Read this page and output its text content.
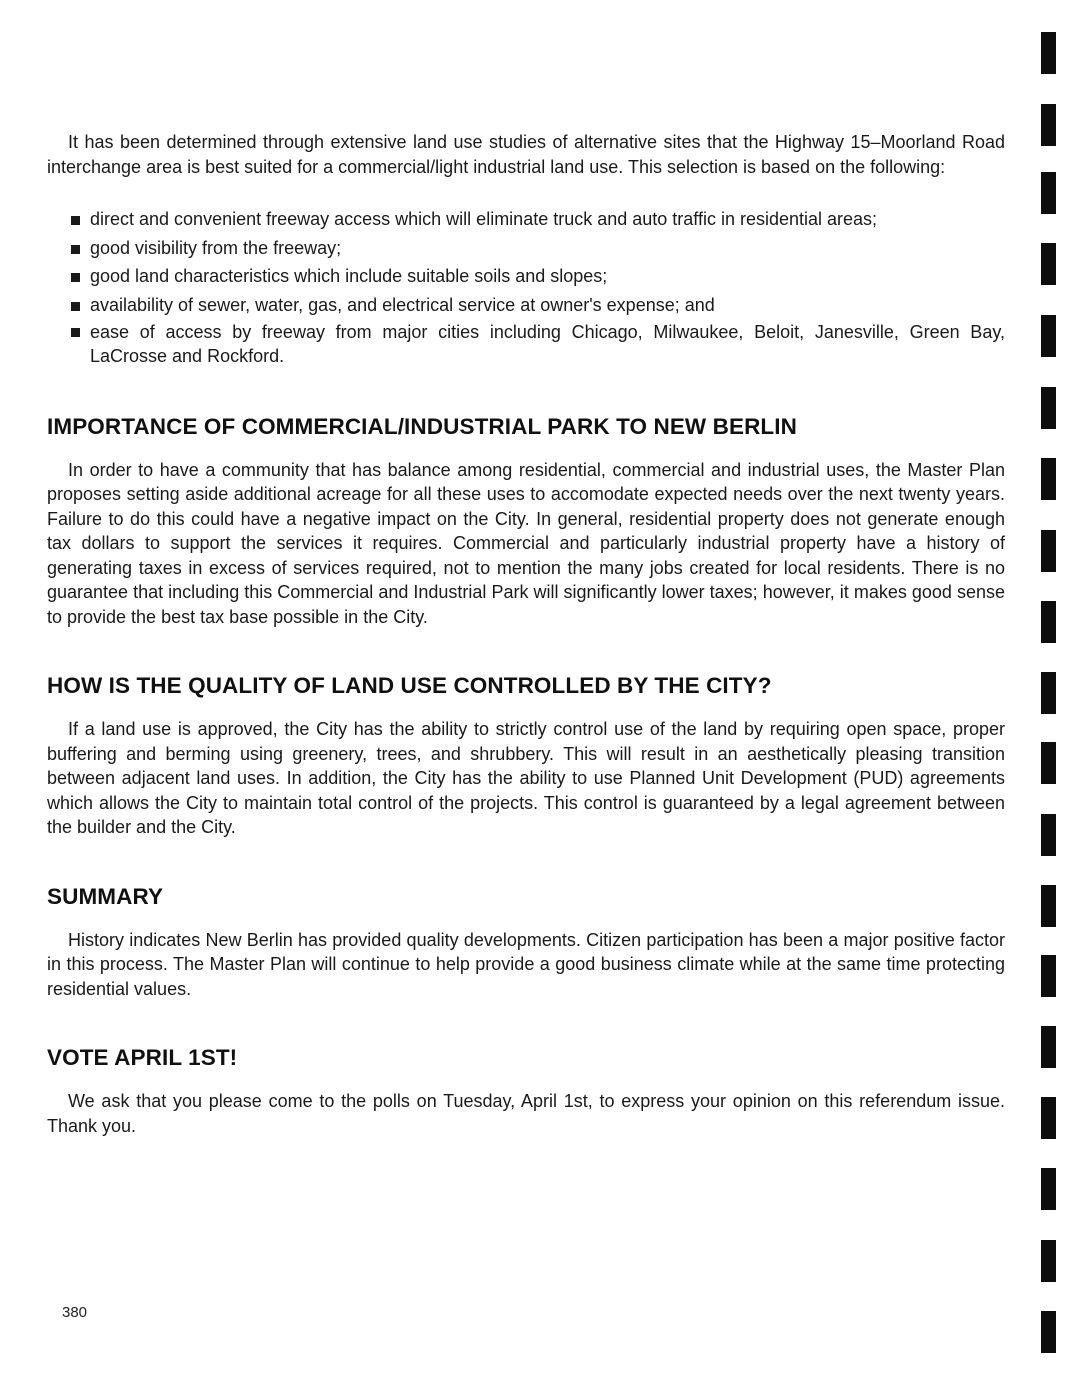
It has been determined through extensive land use studies of alternative sites that the Highway 15–Moorland Road interchange area is best suited for a commercial/light industrial land use. This selection is based on the following:

direct and convenient freeway access which will eliminate truck and auto traffic in residential areas;
good visibility from the freeway;
good land characteristics which include suitable soils and slopes;
availability of sewer, water, gas, and electrical service at owner's expense; and
ease of access by freeway from major cities including Chicago, Milwaukee, Beloit, Janesville, Green Bay, LaCrosse and Rockford.
IMPORTANCE OF COMMERCIAL/INDUSTRIAL PARK TO NEW BERLIN

In order to have a community that has balance among residential, commercial and industrial uses, the Master Plan proposes setting aside additional acreage for all these uses to accomodate expected needs over the next twenty years. Failure to do this could have a negative impact on the City. In general, residential property does not generate enough tax dollars to support the services it requires. Commercial and particularly industrial property have a history of generating taxes in excess of services required, not to mention the many jobs created for local residents. There is no guarantee that including this Commercial and Industrial Park will significantly lower taxes; however, it makes good sense to provide the best tax base possible in the City.

HOW IS THE QUALITY OF LAND USE CONTROLLED BY THE CITY?

If a land use is approved, the City has the ability to strictly control use of the land by requiring open space, proper buffering and berming using greenery, trees, and shrubbery. This will result in an aesthetically pleasing transition between adjacent land uses. In addition, the City has the ability to use Planned Unit Development (PUD) agreements which allows the City to maintain total control of the projects. This control is guaranteed by a legal agreement between the builder and the City.

SUMMARY

History indicates New Berlin has provided quality developments. Citizen participation has been a major positive factor in this process. The Master Plan will continue to help provide a good business climate while at the same time protecting residential values.

VOTE APRIL 1ST!

We ask that you please come to the polls on Tuesday, April 1st, to express your opinion on this referendum issue. Thank you.

380
